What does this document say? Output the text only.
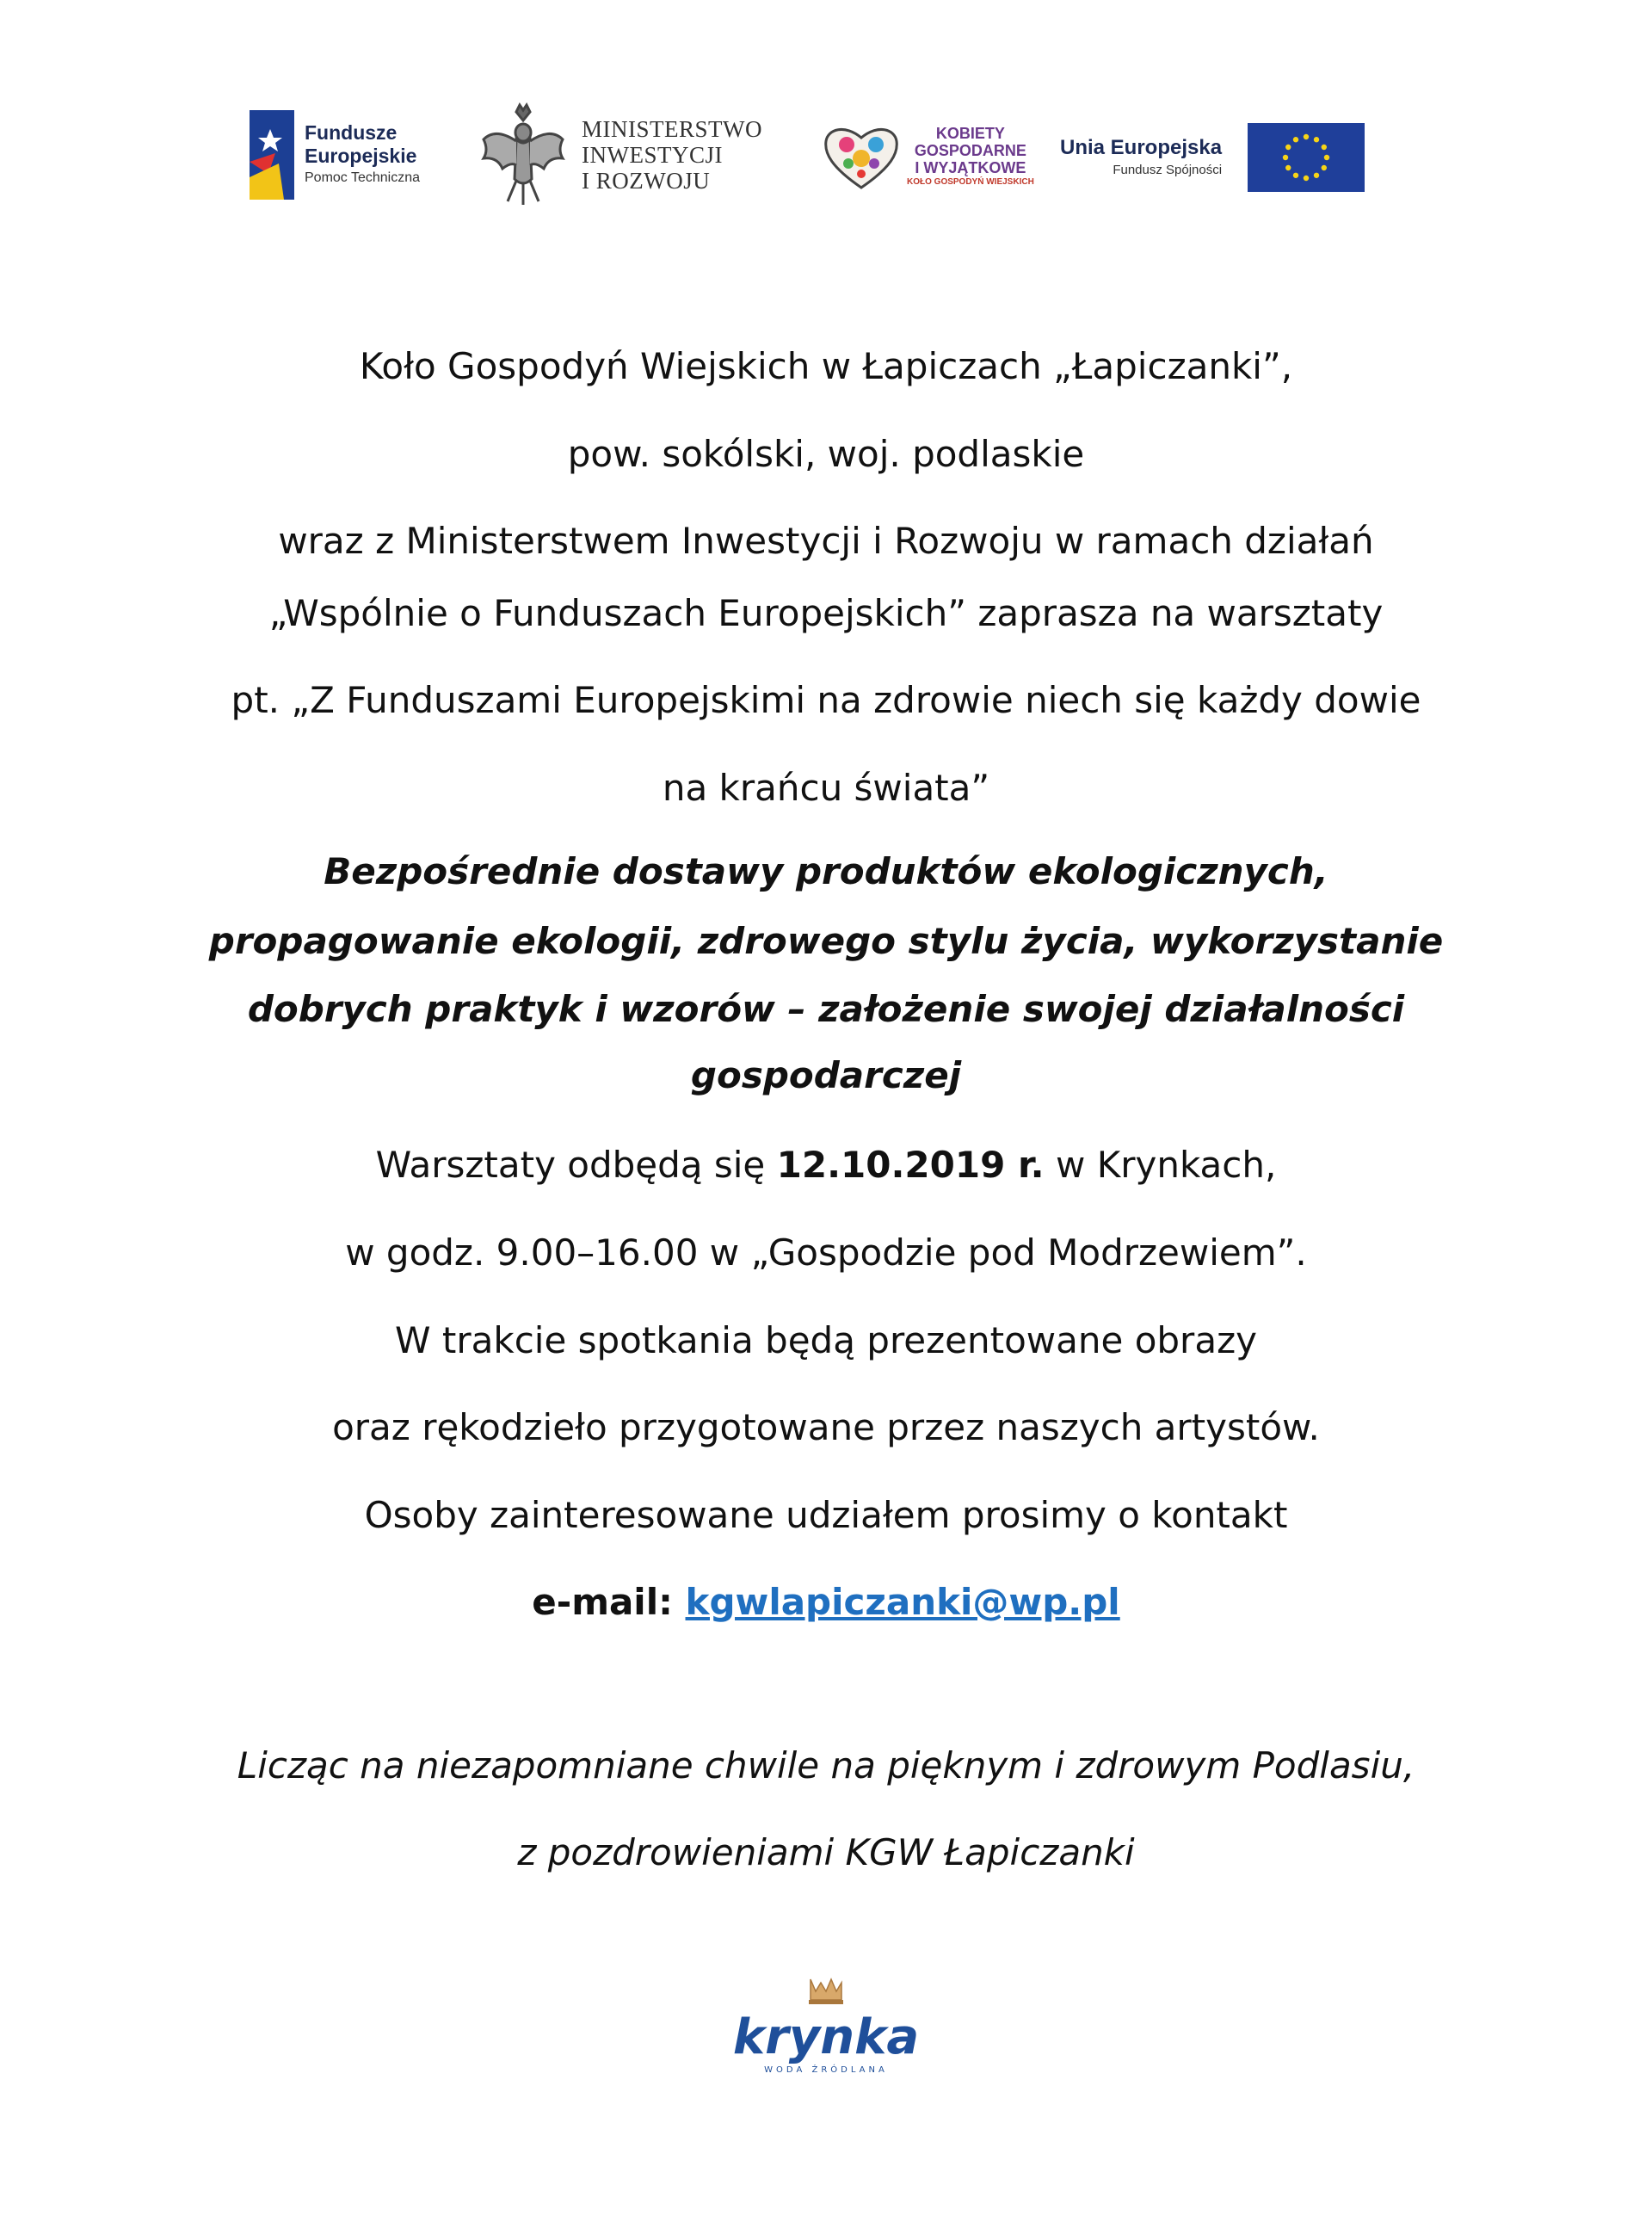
Fundusze
Europejskie
Pomoc Techniczna
MINISTERSTWO
INWESTYCJI
I ROZWOJU
KOBIETY
GOSPODARNE
I WYJĄTKOWE
KOŁO GOSPODYŃ WIEJSKICH
Unia Europejska
Fundusz Spójności
Koło Gospodyń Wiejskich w Łapiczach „Łapiczanki”,
pow. sokólski, woj. podlaskie
wraz z Ministerstwem Inwestycji i Rozwoju w ramach działań
„Wspólnie o Funduszach Europejskich” zaprasza na warsztaty
pt. „Z Funduszami Europejskimi na zdrowie niech się każdy dowie
na krańcu świata”
Bezpośrednie dostawy produktów ekologicznych,
propagowanie ekologii, zdrowego stylu życia, wykorzystanie
dobrych praktyk i wzorów – założenie swojej działalności
gospodarczej
Warsztaty odbędą się 12.10.2019 r. w Krynkach,
w godz. 9.00–16.00 w „Gospodzie pod Modrzewiem”.
W trakcie spotkania będą prezentowane obrazy
oraz rękodzieło przygotowane przez naszych artystów.
Osoby zainteresowane udziałem prosimy o kontakt
e-mail: kgwlapiczanki@wp.pl
Licząc na niezapomniane chwile na pięknym i zdrowym Podlasiu,
z pozdrowieniami KGW Łapiczanki
krynka
WODA ŹRÓDLANA
